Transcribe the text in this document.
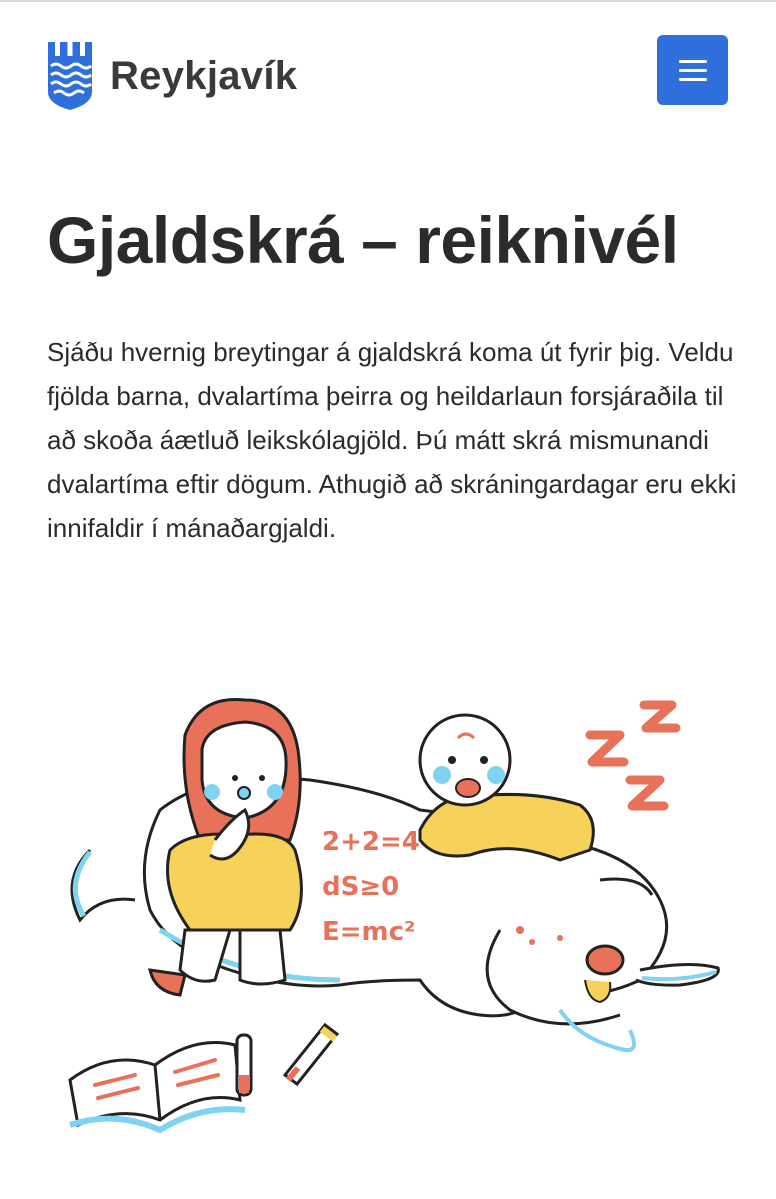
Reykjavík
Gjaldskrá – reiknivél

Sjáðu hvernig breytingar á gjaldskrá koma út fyrir þig. Veldu fjölda barna, dvalartíma þeirra og heildarlaun forsjáraðila til að skoða áætluð leikskólagjöld. Þú mátt skrá mismunandi dvalartíma eftir dögum. Athugið að skráningardagar eru ekki innifaldir í mánaðargjaldi.

2+2=4
dS≥0
E=mc²
